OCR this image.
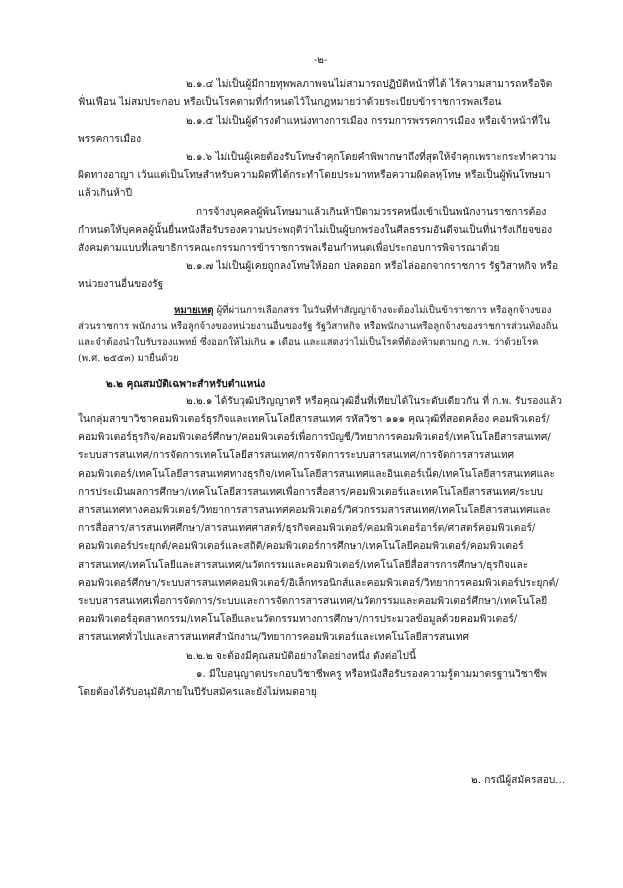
-๒-

๒.๑.๔ ไม่เป็นผู้มีกายทุพพลภาพจนไม่สามารถปฏิบัติหน้าที่ได้ ไร้ความสามารถหรือจิตฟั่นเฟือน ไม่สมประกอบ หรือเป็นโรคตามที่กำหนดไว้ในกฎหมายว่าด้วยระเบียบข้าราชการพลเรือน

๒.๑.๕ ไม่เป็นผู้ดำรงตำแหน่งทางการเมือง กรรมการพรรคการเมือง หรือเจ้าหน้าที่ในพรรคการเมือง

๒.๑.๖ ไม่เป็นผู้เคยต้องรับโทษจำคุกโดยคำพิพากษาถึงที่สุดให้จำคุกเพราะกระทำความผิดทางอาญา เว้นแต่เป็นโทษสำหรับความผิดที่ได้กระทำโดยประมาทหรือความผิดลหุโทษ หรือเป็นผู้พ้นโทษมาแล้วเกินห้าปี

การจ้างบุคคลผู้พ้นโทษมาแล้วเกินห้าปีตามวรรคหนึ่งเข้าเป็นพนักงานราชการต้องกำหนดให้บุคคลผู้นั้นยื่นหนังสือรับรองความประพฤติว่าไม่เป็นผู้บกพร่องในศีลธรรมอันดีจนเป็นที่น่ารังเกียจของสังคมตามแบบที่เลขาธิการคณะกรรมการข้าราชการพลเรือนกำหนดเพื่อประกอบการพิจารณาด้วย

๒.๑.๗ ไม่เป็นผู้เคยถูกลงโทษให้ออก ปลดออก หรือไล่ออกจากราชการ รัฐวิสาหกิจ หรือหน่วยงานอื่นของรัฐ

หมายเหตุ ผู้ที่ผ่านการเลือกสรร ในวันที่ทำสัญญาจ้างจะต้องไม่เป็นข้าราชการ หรือลูกจ้างของส่วนราชการ พนักงาน หรือลูกจ้างของหน่วยงานอื่นของรัฐ รัฐวิสาหกิจ หรือพนักงานหรือลูกจ้างของราชการส่วนท้องถิ่น และจำต้องนำใบรับรองแพทย์ ซึ่งออกให้ไม่เกิน ๑ เดือน และแสดงว่าไม่เป็นโรคที่ต้องห้ามตามกฎ ก.พ. ว่าด้วยโรค (พ.ศ. ๒๕๕๓) มายื่นด้วย

๒.๒ คุณสมบัติเฉพาะสำหรับตำแหน่ง

๒.๒.๑ ได้รับวุฒิปริญญาตรี หรือคุณวุฒิอื่นที่เทียบได้ในระดับเดียวกัน ที่ ก.พ. รับรองแล้วในกลุ่มสาขาวิชาคอมพิวเตอร์ธุรกิจและเทคโนโลยีสารสนเทศ รหัสวิชา ๑๑๑ คุณวุฒิที่สอดคล้อง คอมพิวเตอร์/คอมพิวเตอร์ธุรกิจ/คอมพิวเตอร์ศึกษา/คอมพิวเตอร์เพื่อการบัญชี/วิทยาการคอมพิวเตอร์/เทคโนโลยีสารสนเทศ/ระบบสารสนเทศ/การจัดการเทคโนโลยีสารสนเทศ/การจัดการระบบสารสนเทศ/การจัดการสารสนเทศคอมพิวเตอร์/เทคโนโลยีสารสนเทศทางธุรกิจ/เทคโนโลยีสารสนเทศและอินเตอร์เน็ต/เทคโนโลยีสารสนเทศและการประเมินผลการศึกษา/เทคโนโลยีสารสนเทศเพื่อการสื่อสาร/คอมพิวเตอร์และเทคโนโลยีสารสนเทศ/ระบบสารสนเทศทางคอมพิวเตอร์/วิทยาการสารสนเทศคอมพิวเตอร์/วิศวกรรมสารสนเทศ/เทคโนโลยีสารสนเทศและการสื่อสาร/สารสนเทศศึกษา/สารสนเทศศาสตร์/ธุรกิจคอมพิวเตอร์/คอมพิวเตอร์อาร์ต/ศาสตร์คอมพิวเตอร์/คอมพิวเตอร์ประยุกต์/คอมพิวเตอร์และสถิติ/คอมพิวเตอร์การศึกษา/เทคโนโลยีคอมพิวเตอร์/คอมพิวเตอร์สารสนเทศ/เทคโนโลยีและสารสนเทศ/นวัตกรรมและคอมพิวเตอร์/เทคโนโลยีสื่อสารการศึกษา/ธุรกิจและคอมพิวเตอร์ศึกษา/ระบบสารสนเทศคอมพิวเตอร์/อิเล็กทรอนิกส์และคอมพิวเตอร์/วิทยาการคอมพิวเตอร์ประยุกต์/ระบบสารสนเทศเพื่อการจัดการ/ระบบและการจัดการสารสนเทศ/นวัตกรรมและคอมพิวเตอร์ศึกษา/เทคโนโลยีคอมพิวเตอร์อุตสาหกรรม/เทคโนโลยีและนวัตกรรมทางการศึกษา/การประมวลข้อมูลด้วยคอมพิวเตอร์/สารสนเทศทั่วไปและสารสนเทศสำนักงาน/วิทยาการคอมพิวเตอร์และเทคโนโลยีสารสนเทศ

๒.๒.๒ จะต้องมีคุณสมบัติอย่างใดอย่างหนึ่ง ดังต่อไปนี้

๑. มีใบอนุญาตประกอบวิชาชีพครู หรือหนังสือรับรองความรู้ตามมาตรฐานวิชาชีพโดยต้องได้รับอนุมัติภายในปีรับสมัครและยังไม่หมดอายุ

๒. กรณีผู้สมัครสอบ...
